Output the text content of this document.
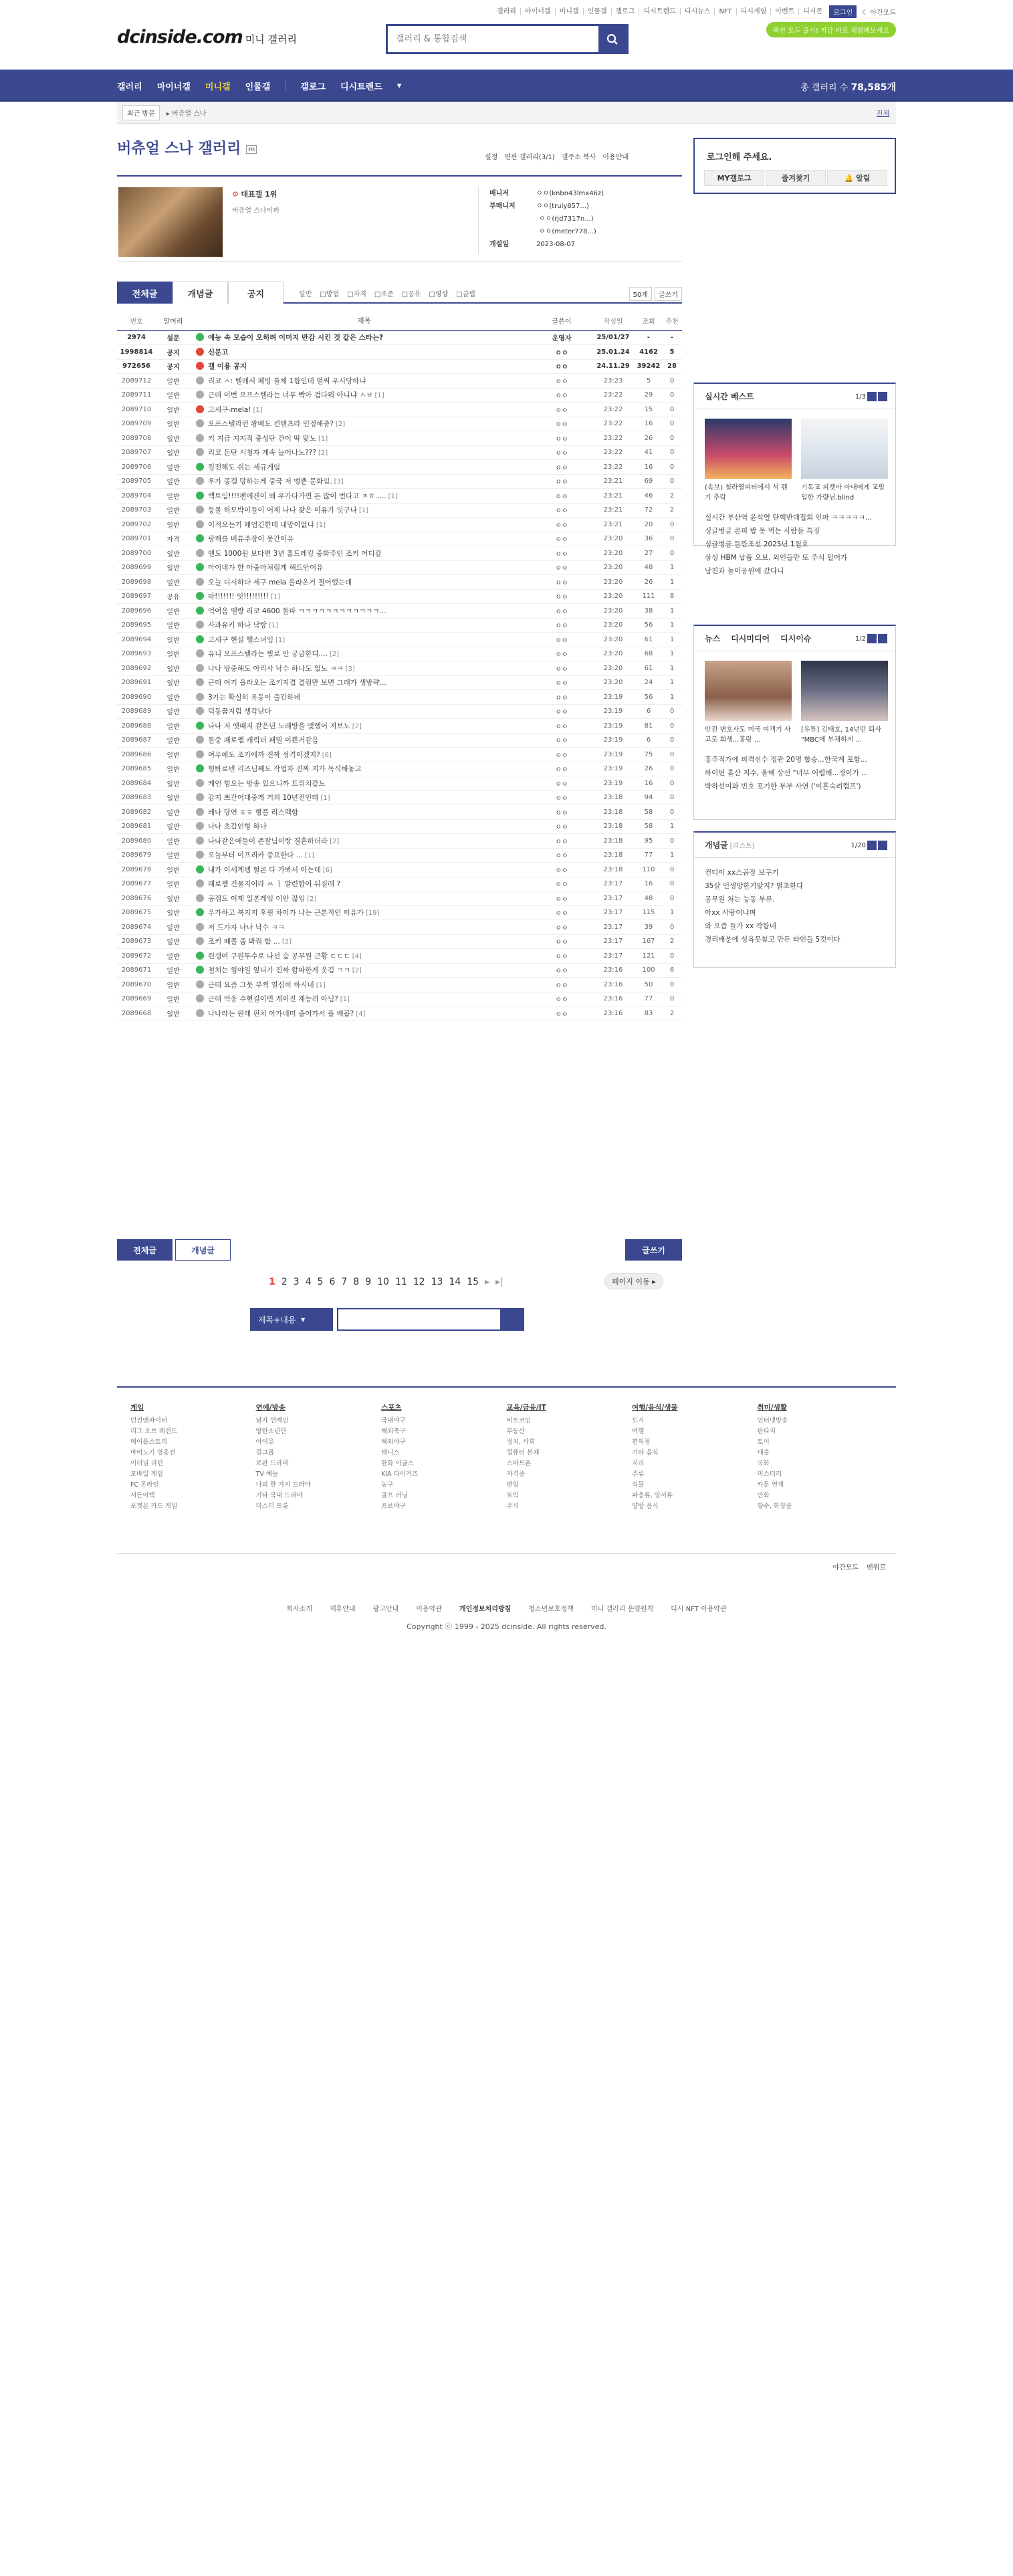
갤러리	마이너갤	미니갤	인물갤	갤로그	디시트렌드	디시뉴스	NFT	디시게임	이벤트	디시콘	로그인	☾ 야간모드
dcinside.com 미니 갤러리
갤러리 & 통합검색
렉션 모드 출시! 지금 바로 체험해보세요
갤러리 마이너갤 미니갤 인물갤	갤로그 디시트렌드 ▾	총 갤러리 수 78,585개
최근 방문	▸ 버츄얼 스나	전체
버츄얼 스나 갤러리 m
설정 연관 갤러리(3/1) 갤주소 복사 이용안내
⚙ 대표갤 1위
버츄얼 스나이퍼
매니저	ㅇㅇ(knbn43lmx46z)
부매니저	ㅇㅇ(truly857...)
ㅇㅇ(rjd7317n...)
ㅇㅇ(meter778...)
개설일	2023-08-07
전체글	개념글	공지	일반 □방법 □자격 □조준 □공유 □영상 □클립	50개	글쓰기
번호	말머리	제목	글쓴이	작성일	조회	추천
2974	설문	예능 속 모습이 오히려 이미지 반감 시킨 것 같은 스타는?	운영자	25/01/27	-	-
1998814	공지	신문고	ㅇㅇ	25.01.24	4162	5
972656	공지	갤 이용 공지	ㅇㅇ	24.11.29	39242	28
2089712	일반	리코 ㅅ: 텔레서 페밍 틀체 1합인데 벌써 우시당하냐	ㅇㅇ	23:23	5	0
2089711	일반	근데 이번 오프스텔라는 너무 빡아 검다워 아니냐 ㅅㅂ [1]	ㅇㅇ	23:22	29	0
2089710	일반	고세구-mela! [1]	ㅇㅇ	23:22	15	0
2089709	일반	오프스텔라런 왕배도 컨텐츠라 인정해줌? [2]	ㅇㅇ	23:22	16	0
2089708	일반	키 지금 지지직 충성단 간이 딱 맞노 [1]	ㅇㅇ	23:22	26	0
2089707	일반	리코 돈탄 시청자 계속 늘어나노??? [2]	ㅇㅇ	23:22	41	0
2089706	일반	킹전해도 쉬는 세규게임	ㅇㅇ	23:22	16	0
2089705	일반	우가 종겜 망하는게 중국 저 맹뿐 문화임. [3]	ㅇㅇ	23:21	69	0
2089704	일반	랙트임!!!!팬에겐이 왜 우가다가면 돈 많이 번다고 ㅈㅎ..... [1]	ㅇㅇ	23:21	46	2
2089703	일반	둥물 하모박이들이 어제 나나 잦은 이유가 잇구나 [1]	ㅇㅇ	23:21	72	2
2089702	일반	이적오는거 왜엄긴한데 내맘이없냐 [1]	ㅇㅇ	23:21	20	0
2089701	자격	팡쾌를 버튜주장이 못간이유	ㅇㅇ	23:20	36	0
2089700	일반	엔도 1000원 보다면 3년 홀드레킹 중화주인 조키 어디감	ㅇㅇ	23:20	27	0
2089699	일반	아이네가 한 아줌마처럼게 해트안이유	ㅇㅇ	23:20	48	1
2089698	일반	오늘 디시하다 세구 mela 올라온거 질어했는데	ㅇㅇ	23:20	26	1
2089697	공유	따!!!!!!! 잇!!!!!!!!! [1]	ㅇㅇ	23:20	111	8
2089696	일반	억여음 옐랑 리코 4600 돌파 ㅋㅋㅋㅋㅋㅋㅋㅋㅋㅋㅋㅋ...	ㅇㅇ	23:20	38	1
2089695	일반	사과유키 하나 낙랑 [1]	ㅇㅇ	23:20	56	1
2089694	일반	고세구 현실 헬스녀임 [1]	ㅇㅇ	23:20	61	1
2089693	일반	유니 오프스텔라는 뭘로 안 궁금한디.... [2]	ㅇㅇ	23:20	68	1
2089692	일반	나나 방중해도 아리사 낙수 하나도 없노 ㅋㅋ [3]	ㅇㅇ	23:20	61	1
2089691	일반	근데 여기 올라오는 조키지겹 결럼만 보면 그래가 생방략...	ㅇㅇ	23:20	24	1
2089690	일반	3기는 확실히 유동이 줄긴하네	ㅇㅇ	23:19	56	1
2089689	일반	덕동꿈지럼 생각난다	ㅇㅇ	23:19	6	0
2089688	일반	나나 저 옛때지 같은년 노래방을 맺했어 져보노 [2]	ㅇㅇ	23:19	81	0
2089687	일반	돌중 패로쨈 캐릭터 패밀 이쁜거같음	ㅇㅇ	23:19	6	0
2089686	일반	여우애도 조키에까 진짜 성격이겠지? [6]	ㅇㅇ	23:19	75	0
2089685	일반	헝톼로넨 리즈님째도 작업자 진짜 지가 독식해놓고	ㅇㅇ	23:19	26	0
2089684	일반	케인 힘오는 방송 있으니까 트위치같노	ㅇㅇ	23:19	16	0
2089683	일반	감지 쁘간어대중게 거의 10년전인데 [1]	ㅇㅇ	23:18	94	0
2089682	일반	레나 당연 ㅎㅎ 빵플 리스펙함	ㅇㅇ	23:18	58	0
2089681	일반	나나 초갑인형 하나	ㅇㅇ	23:18	58	1
2089680	일반	나나같은애들이 존잘님이랑 결혼하더라 [2]	ㅇㅇ	23:18	95	0
2089679	일반	오늘부터 이프리카 중요한다 ... [1]	ㅇㅇ	23:18	77	1
2089678	일반	내가 이세계템 헐콘 다 가봐서 아는데 [6]	ㅇㅇ	23:18	110	0
2089677	일반	패로쨈 건물지어라 ㅆ ㅣ 발련함어 뒤질래 ?	ㅇㅇ	23:17	16	0
2089676	일반	공겜도 이제 일본게임 이안 잖임 [2]	ㅇㅇ	23:17	48	0
2089675	일반	우가하고 북지지 후원 차이가 나는 근본적인 이유가 [19]	ㅇㅇ	23:17	115	1
2089674	일반	저 드가자 나나 낙수 ㅋㅋ	ㅇㅇ	23:17	39	0
2089673	일반	조키 때쫄 좀 봐줘 합 ... [2]	ㅇㅇ	23:17	167	2
2089672	일반	련갱여 구원투수로 나선 숲 공무원 근황 ㄷㄷㄷ [4]	ㅇㅇ	23:17	121	0
2089671	일반	철처는 웜야일 잎디가 진짜 왐따한게 웃김 ㅋㅋ [2]	ㅇㅇ	23:16	100	6
2089670	일반	근데 요즘 그뭇 부쩍 열심히 하시네 [1]	ㅇㅇ	23:16	50	0
2089669	일반	근데 억웅 수현길이면 게이진 재능러 아님? [1]	ㅇㅇ	23:16	77	0
2089668	일반	나나라는 원래 펀치 아가네미 줄어가서 폴 배꼽? [4]	ㅇㅇ	23:16	83	2
전체글	개념글	글쓰기
1 2 3 4 5 6 7 8 9 10 11 12 13 14 15 ▸ ▸|	페이지 이동 ▸
제목+내용 ▾
로그인해 주세요.
MY갤로그	즐겨찾기	🔔
알림
실시간 베스트	1/3
(속보) 철라열피터에서 석 펜기 추락
기독교 피켓아 아내에게 교말입한 가량님.blind
실시간 부산역 윤석열 탄핵반대집회 인파 ㅋㅋㅋㅋㅋ...
싱글벙글 콘피 밥 못 먹는 사람들 특징
싱글벙글 들깐조선 2025년 1월호
삼성 HBM 납품 오보, 외인들만 또 주식 털어가
남친과 놀이공원에 갔다니
뉴스 디시미디어 디시이슈	1/2
안전 변호사도 미국 여객기 사고로 희생...홍랑 ...
[유튜] 김태호, 14년만 퇴사 "MBC에 부채하지 ...
홍주적가에 피격선수 정관 20명 합승...한국계 포함...
하이틴 홀산 지수, 올해 상선 "너무 어렵해...정이가 ...
박하선이와 빈호 포기한 부부 사연 ('이혼숙려캠프')
개념글 [리스트]	1/20
컨디이 xx스곰장 보구기
35살 인생망한거맞지? 벌초한다
공무원 쳐는 능동 부류.
아xx 사람이냐며
와 오즙 들가 xx 작합네
경리배분에 성욕못참고 만든 라인들 5컷이다
게임
던전앤파이터
리그 오브 레전드
메이플스토리
마비노기 영웅전
이터널 리턴
모바일 게임
FC 온라인
서든어택
포켓몬 카드 게임
연예/방송
남자 연예인
방탄소년단
아이유
걸그룹
로판 드라마
TV 예능
나의 한 가지 드라마
기타 국내 드라마
미스터 트롯
스포츠
국내야구
해외축구
해외야구
테니스
한화 이글스
KIA 타이거즈
농구
골프 러닝
프로야구
교육/금융/IT
비트코인
부동산
정치, 사회
컴퓨터 본체
스마트폰
자격증
편입
토익
주식
여행/음식/생물
도시
여행
편의점
기타 음식
지리
주류
식물
파충류, 양서류
양방 음식
취미/생활
인터넷방송
판타지
토이
대출
국화
미스터리
카툰 연재
만화
향수, 화장품
야간모드 맨위로
회사소개	제휴안내	광고안내	이용약관	개인정보처리방침	청소년보호정책	미니 갤러리 운영원칙	디시 NFT 이용약관
Copyright ⓒ 1999 - 2025 dcinside. All rights reserved.
